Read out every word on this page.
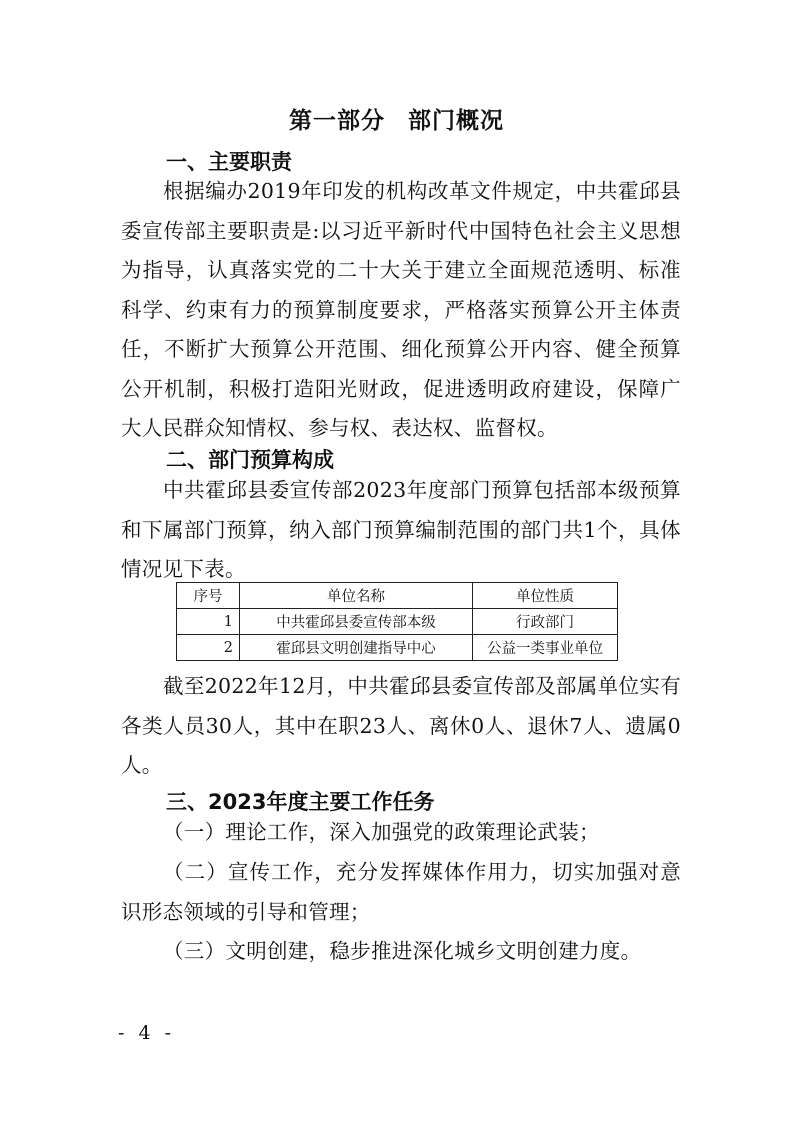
第一部分 部门概况
一、主要职责

根据编办2019年印发的机构改革文件规定，中共霍邱县委宣传部主要职责是:以习近平新时代中国特色社会主义思想为指导，认真落实党的二十大关于建立全面规范透明、标准科学、约束有力的预算制度要求，严格落实预算公开主体责任，不断扩大预算公开范围、细化预算公开内容、健全预算公开机制，积极打造阳光财政，促进透明政府建设，保障广大人民群众知情权、参与权、表达权、监督权。

二、部门预算构成

中共霍邱县委宣传部2023年度部门预算包括部本级预算和下属部门预算，纳入部门预算编制范围的部门共1个，具体情况见下表。

序号	单位名称	单位性质
1	中共霍邱县委宣传部本级	行政部门
2	霍邱县文明创建指导中心	公益一类事业单位

截至2022年12月，中共霍邱县委宣传部及部属单位实有各类人员30人，其中在职23人、离休0人、退休7人、遗属0人。

三、2023年度主要工作任务

（一）理论工作，深入加强党的政策理论武装；

（二）宣传工作，充分发挥媒体作用力，切实加强对意识形态领域的引导和管理；

（三）文明创建，稳步推进深化城乡文明创建力度。

- 4 -
